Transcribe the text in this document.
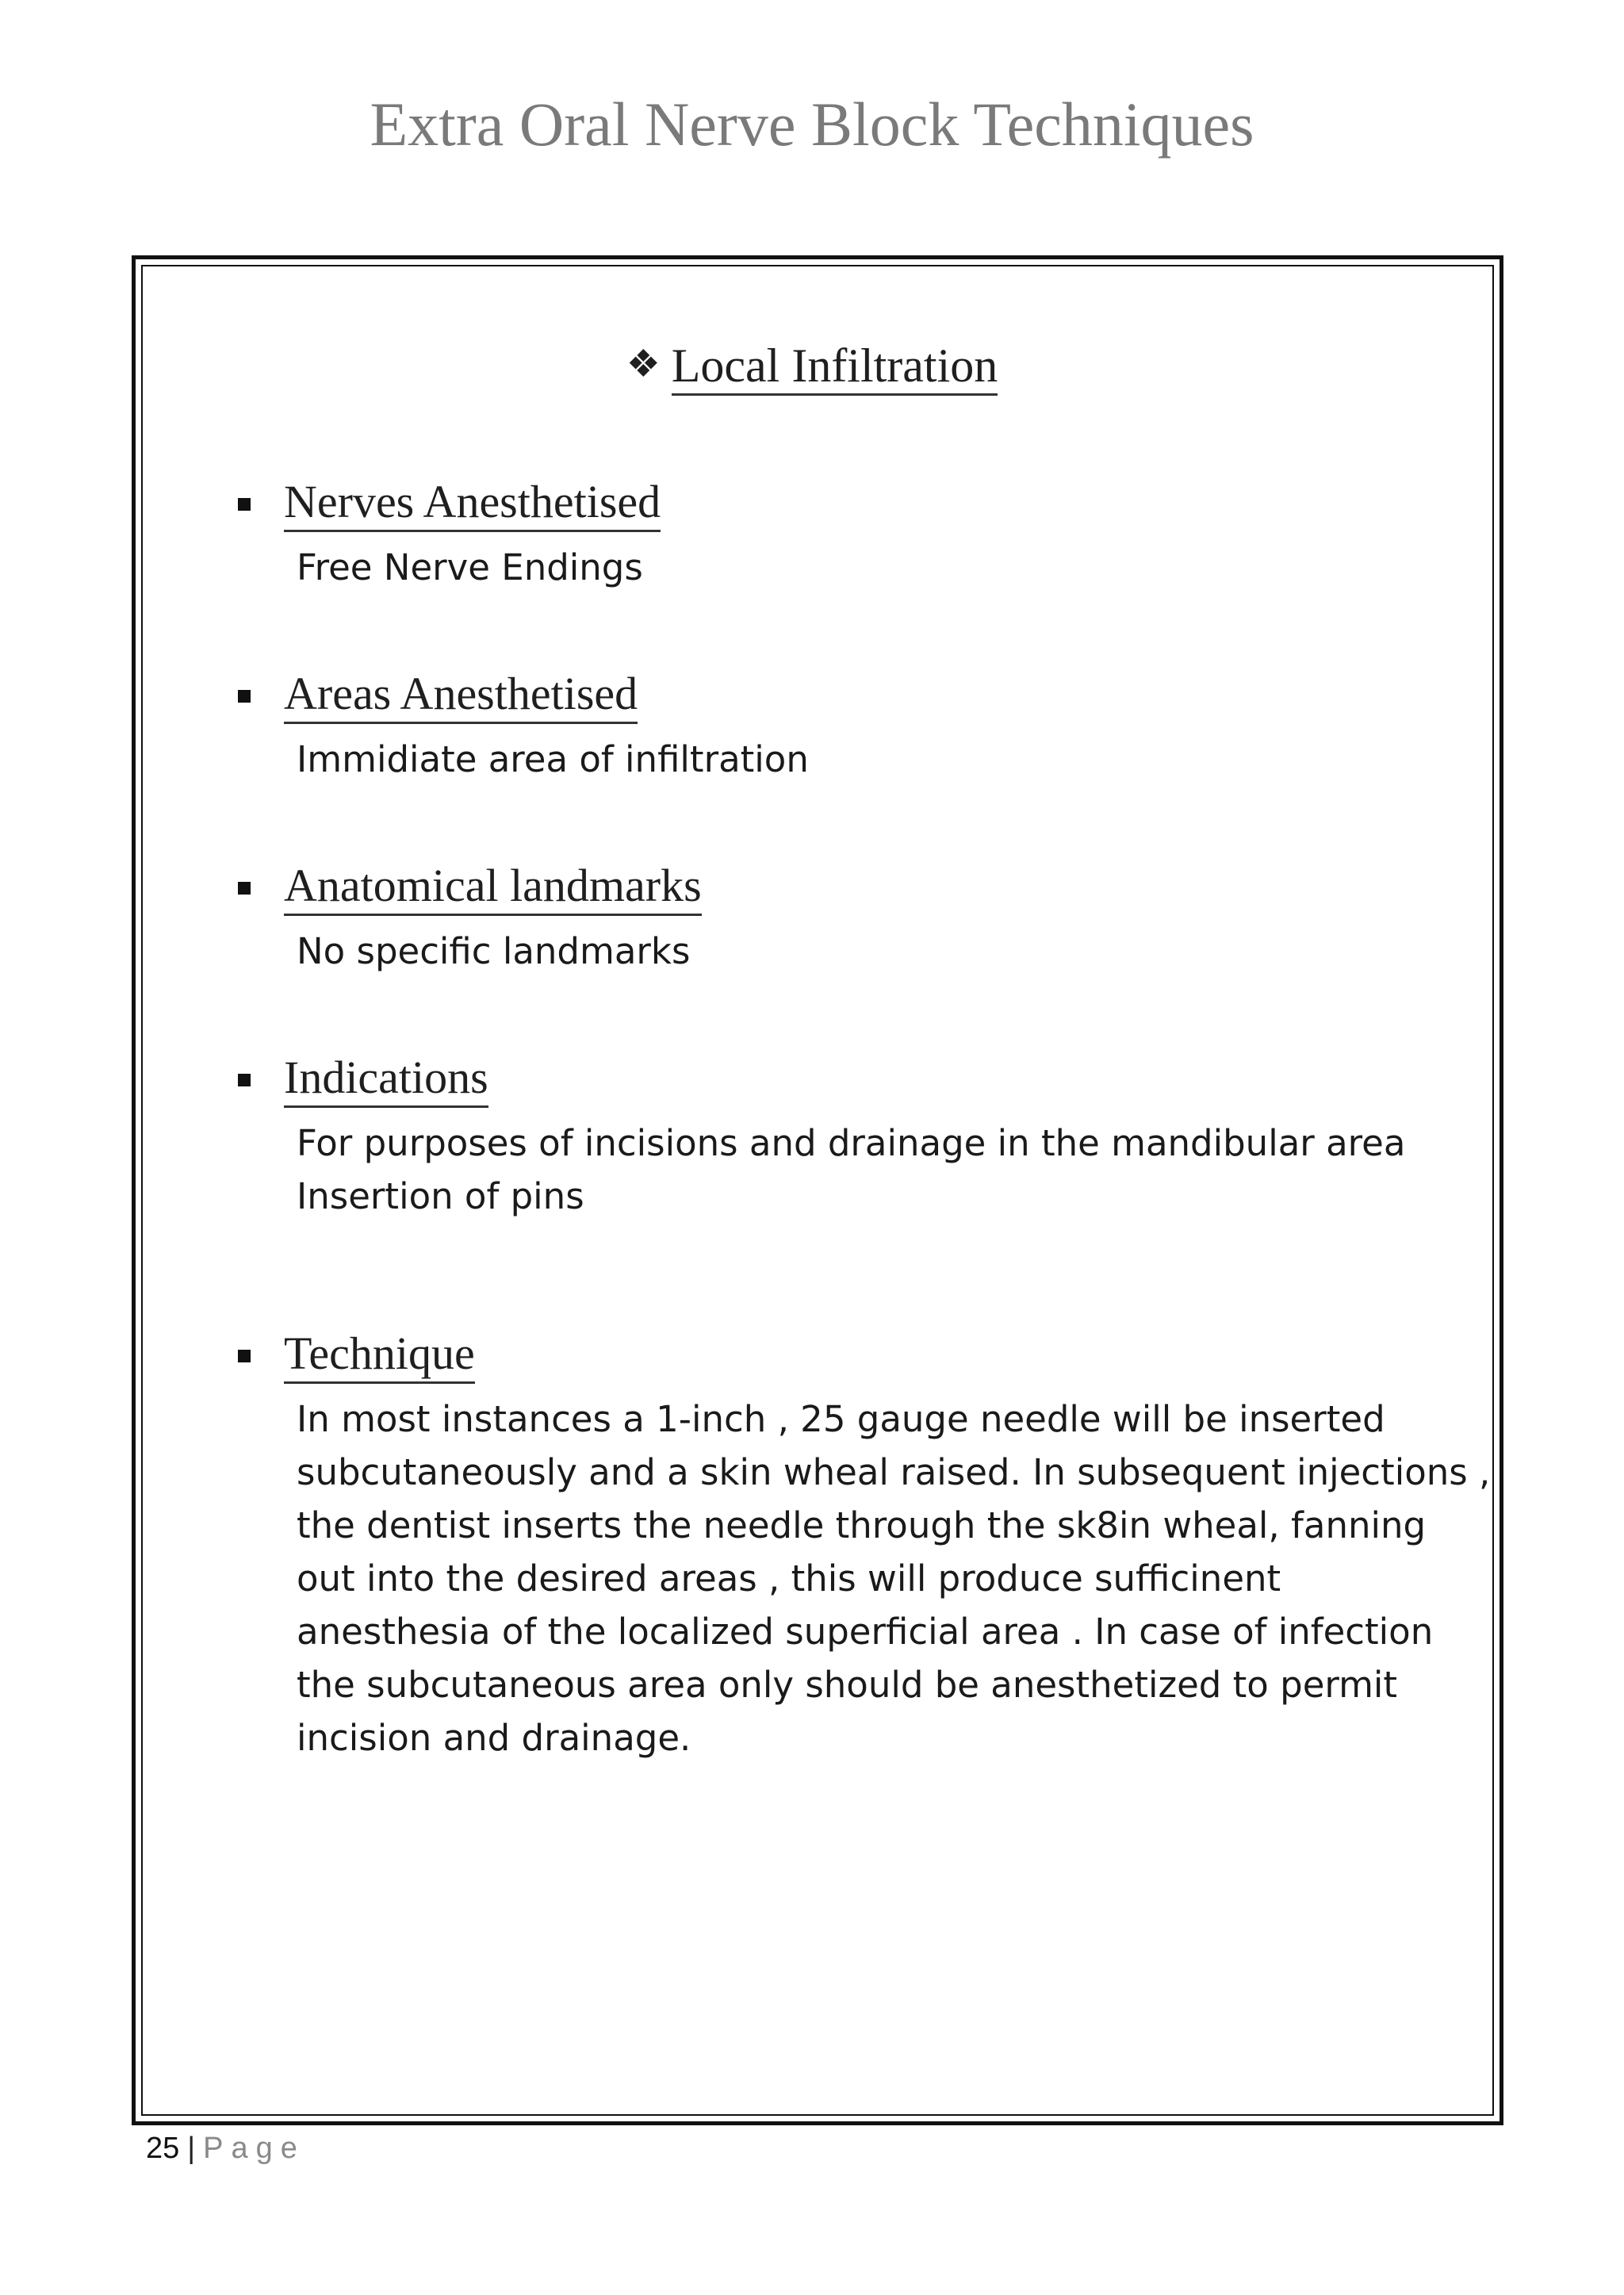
Extra Oral Nerve Block Techniques
❖ Local Infiltration
Nerves Anesthetised
Free Nerve Endings
Areas Anesthetised
Immidiate area of infiltration
Anatomical landmarks
No specific landmarks
Indications
For purposes of incisions and drainage in the mandibular area
Insertion of pins
Technique
In most instances a 1-inch , 25 gauge needle will be inserted
subcutaneously and a skin wheal raised. In subsequent injections ,
the dentist inserts the needle through the sk8in wheal, fanning
out into the desired areas , this will produce sufficinent
anesthesia of the localized superficial area . In case of infection
the subcutaneous area only should be anesthetized to permit
incision and drainage.
25 | Page
